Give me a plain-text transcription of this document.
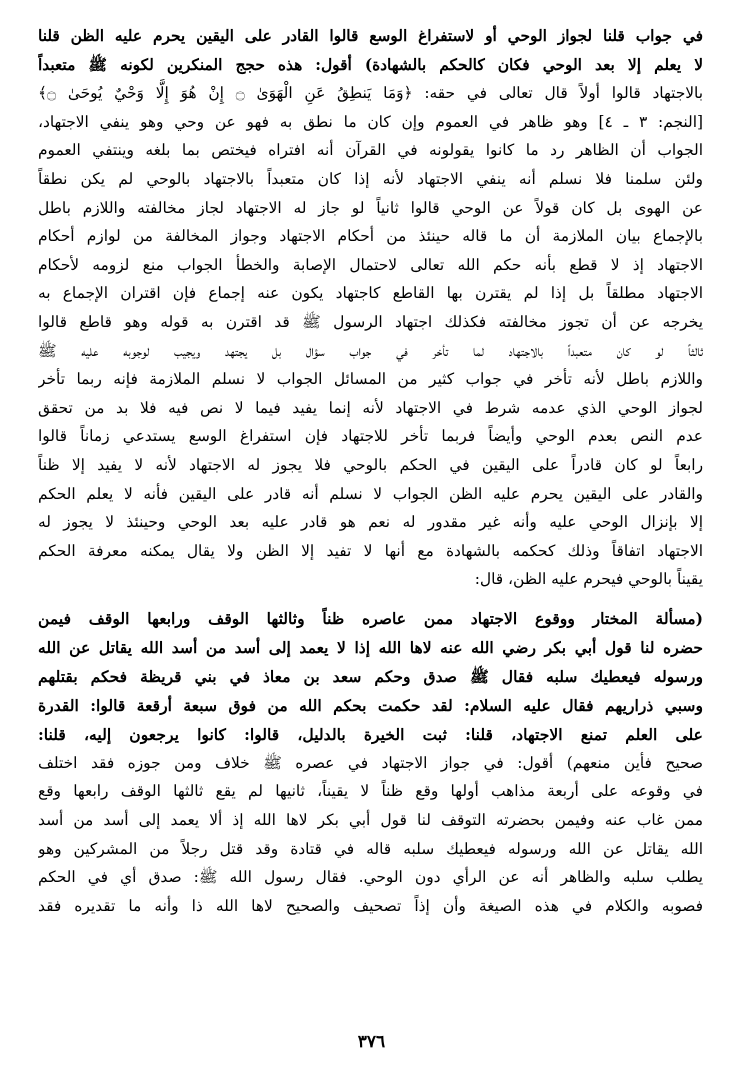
في جواب قلنا لجواز الوحي أو لاستفراغ الوسع قالوا القادر على اليقين يحرم عليه الظن قلنا
لا يعلم إلا بعد الوحي فكان كالحكم بالشهادة) أقول: هذه حجج المنكرين لكونه ﷺ متعبداً
بالاجتهاد قالوا أولاً قال تعالى في حقه: ﴿وَمَا يَنطِقُ عَنِ الْهَوَىٰ ۝ إِنْ هُوَ إِلَّا وَحْيٌ يُوحَىٰ ۝﴾
[النجم: ٣ ـ ٤] وهو ظاهر في العموم وإن كان ما نطق به فهو عن وحي وهو ينفي الاجتهاد،
الجواب أن الظاهر رد ما كانوا يقولونه في القرآن أنه افتراه فيختص بما بلغه وينتفي العموم
ولئن سلمنا فلا نسلم أنه ينفي الاجتهاد لأنه إذا كان متعبداً بالاجتهاد بالوحي لم يكن نطقاً
عن الهوى بل كان قولاً عن الوحي قالوا ثانياً لو جاز له الاجتهاد لجاز مخالفته واللازم باطل
بالإجماع بيان الملازمة أن ما قاله حينئذ من أحكام الاجتهاد وجواز المخالفة من لوازم أحكام
الاجتهاد إذ لا قطع بأنه حكم الله تعالى لاحتمال الإصابة والخطأ الجواب منع لزومه لأحكام
الاجتهاد مطلقاً بل إذا لم يقترن بها القاطع كاجتهاد يكون عنه إجماع فإن اقتران الإجماع به
يخرجه عن أن تجوز مخالفته فكذلك اجتهاد الرسول ﷺ قد اقترن به قوله وهو قاطع قالوا
ثالثاً لو كان متعبداً بالاجتهاد لما تأخر في جواب سؤال بل يجتهد ويجيب لوجوبه عليه ﷺ
واللازم باطل لأنه تأخر في جواب كثير من المسائل الجواب لا نسلم الملازمة فإنه ربما تأخر
لجواز الوحي الذي عدمه شرط في الاجتهاد لأنه إنما يفيد فيما لا نص فيه فلا بد من تحقق
عدم النص بعدم الوحي وأيضاً فربما تأخر للاجتهاد فإن استفراغ الوسع يستدعي زماناً قالوا
رابعاً لو كان قادراً على اليقين في الحكم بالوحي فلا يجوز له الاجتهاد لأنه لا يفيد إلا ظناً
والقادر على اليقين يحرم عليه الظن الجواب لا نسلم أنه قادر على اليقين فأنه لا يعلم الحكم
إلا بإنزال الوحي عليه وأنه غير مقدور له نعم هو قادر عليه بعد الوحي وحينئذ لا يجوز له
الاجتهاد اتفاقاً وذلك كحكمه بالشهادة مع أنها لا تفيد إلا الظن ولا يقال يمكنه معرفة الحكم
يقيناً بالوحي فيحرم عليه الظن، قال:
(مسألة المختار ووقوع الاجتهاد ممن عاصره ظناً وثالثها الوقف ورابعها الوقف فيمن
حضره لنا قول أبي بكر رضي الله عنه لاها الله إذا لا يعمد إلى أسد من أسد الله يقاتل عن الله
ورسوله فيعطيك سلبه فقال ﷺ صدق وحكم سعد بن معاذ في بني قريظة فحكم بقتلهم
وسبي ذراريهم فقال عليه السلام: لقد حكمت بحكم الله من فوق سبعة أرقعة قالوا: القدرة
على العلم تمنع الاجتهاد، قلنا: ثبت الخيرة بالدليل، قالوا: كانوا يرجعون إليه، قلنا:
صحيح فأين منعهم) أقول: في جواز الاجتهاد في عصره ﷺ خلاف ومن جوزه فقد اختلف
في وقوعه على أربعة مذاهب أولها وقع ظناً لا يقيناً، ثانيها لم يقع ثالثها الوقف رابعها وقع
ممن غاب عنه وفيمن بحضرته التوقف لنا قول أبي بكر لاها الله إذ ألا يعمد إلى أسد من أسد
الله يقاتل عن الله ورسوله فيعطيك سلبه قاله في قتادة وقد قتل رجلاً من المشركين وهو
يطلب سلبه والظاهر أنه عن الرأي دون الوحي. فقال رسول الله ﷺ: صدق أي في الحكم
فصوبه والكلام في هذه الصيغة وأن إذاً تصحيف والصحيح لاها الله ذا وأنه ما تقديره فقد
٣٧٦
